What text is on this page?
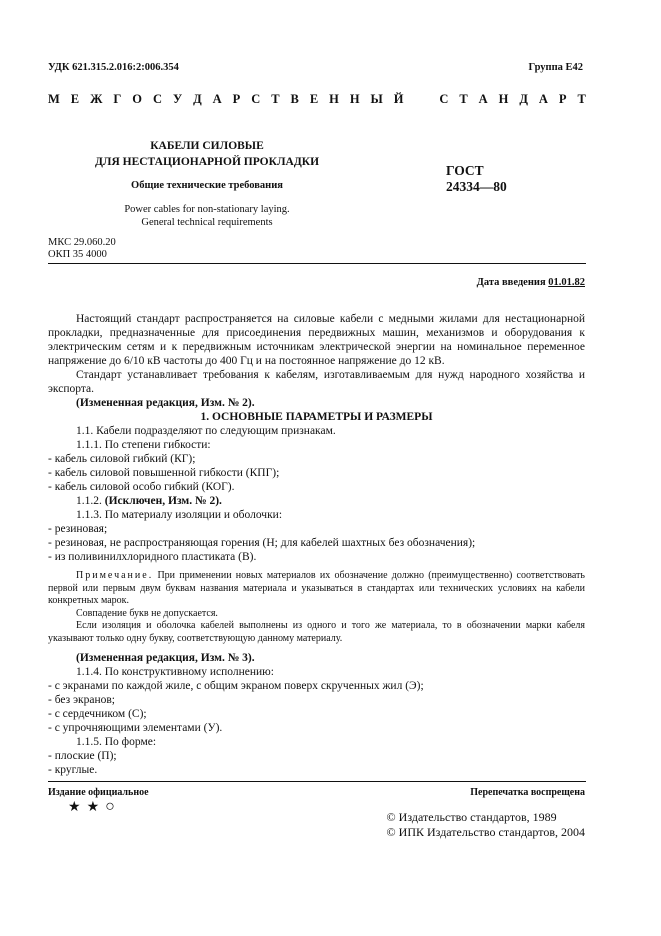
УДК 621.315.2.016:2:006.354	Группа Е42
М Е Ж Г О С У Д А Р С Т В Е Н Н Ы Й	С Т А Н Д А Р Т
КАБЕЛИ СИЛОВЫЕ
ДЛЯ НЕСТАЦИОНАРНОЙ ПРОКЛАДКИ
Общие технические требования
Power cables for non-stationary laying.
General technical requirements
ГОСТ
24334—80
МКС 29.060.20
ОКП 35 4000
Дата введения 01.01.82

Настоящий стандарт распространяется на силовые кабели с медными жилами для нестационарной прокладки, предназначенные для присоединения передвижных машин, механизмов и оборудования к электрическим сетям и к передвижным источникам электрической энергии на номинальное переменное напряжение до 6/10 кВ частоты до 400 Гц и на постоянное напряжение до 12 кВ.

Стандарт устанавливает требования к кабелям, изготавливаемым для нужд народного хозяйства и экспорта.

(Измененная редакция, Изм. № 2).

1. ОСНОВНЫЕ ПАРАМЕТРЫ И РАЗМЕРЫ

1.1. Кабели подразделяют по следующим признакам.

1.1.1. По степени гибкости:

- кабель силовой гибкий (КГ);

- кабель силовой повышенной гибкости (КПГ);

- кабель силовой особо гибкий (КОГ).

1.1.2. (Исключен, Изм. № 2).

1.1.3. По материалу изоляции и оболочки:

- резиновая;

- резиновая, не распространяющая горения (Н; для кабелей шахтных без обозначения);

- из поливинилхлоридного пластиката (В).

Примечание. При применении новых материалов их обозначение должно (преимущественно) соответствовать первой или первым двум буквам названия материала и указываться в стандартах или технических условиях на кабели конкретных марок.

Совпадение букв не допускается.

Если изоляция и оболочка кабелей выполнены из одного и того же материала, то в обозначении марки кабеля указывают только одну букву, соответствующую данному материалу.

(Измененная редакция, Изм. № 3).

1.1.4. По конструктивному исполнению:

- с экранами по каждой жиле, с общим экраном поверх скрученных жил (Э);

- без экранов;

- с сердечником (С);

- с упрочняющими элементами (У).

1.1.5. По форме:

- плоские (П);

- круглые.

Издание официальное	Перепечатка воспрещена
★ ★ ○
© Издательство стандартов, 1989
© ИПК Издательство стандартов, 2004
